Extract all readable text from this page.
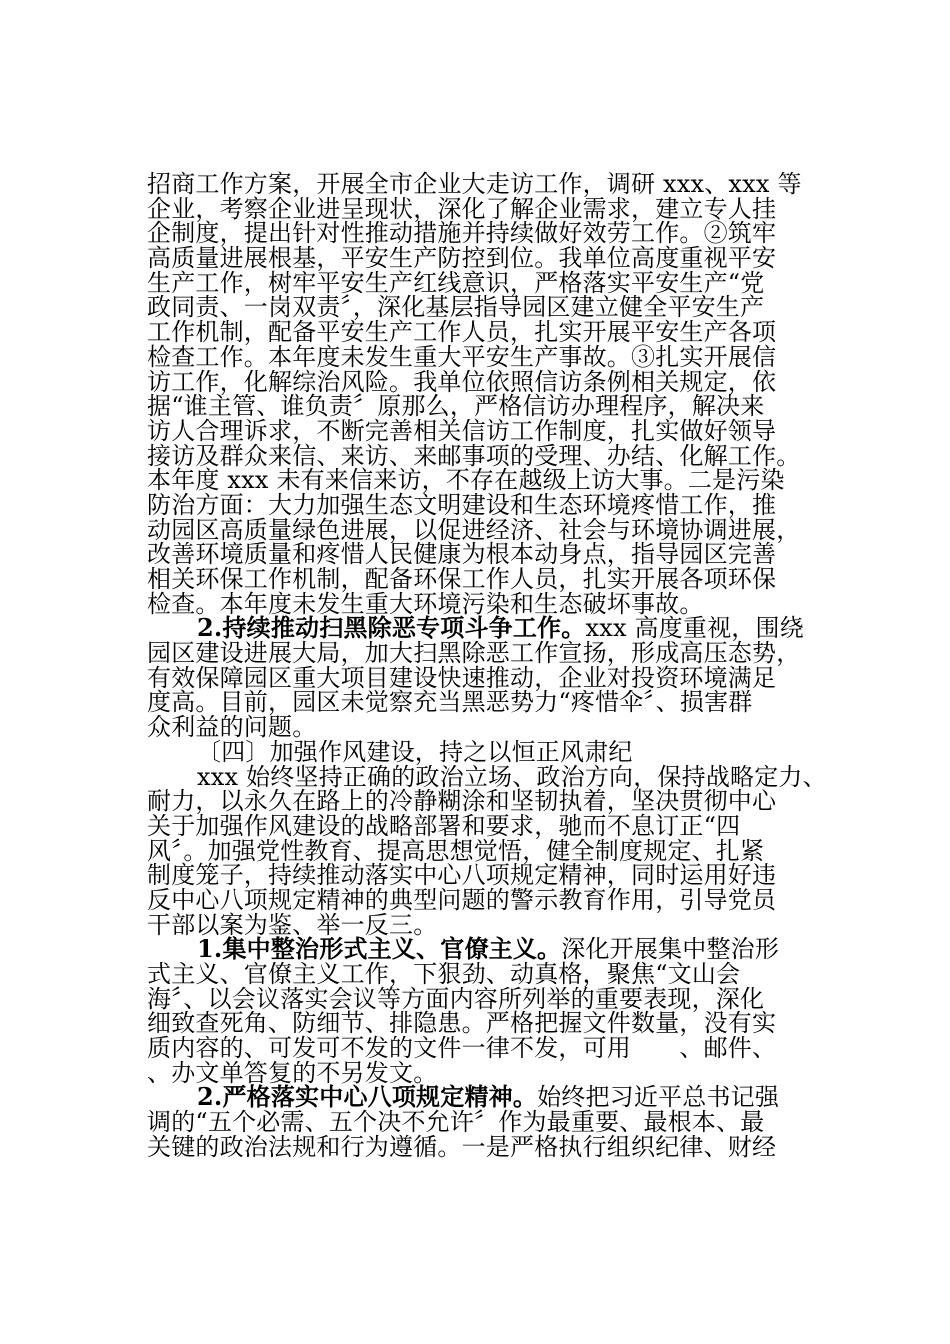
招商工作方案，开展全市企业大走访工作，调研 xxx、xxx 等
企业，考察企业进呈现状，深化了解企业需求，建立专人挂
企制度，提出针对性推动措施并持续做好效劳工作。②筑牢
高质量进展根基，平安生产防控到位。我单位高度重视平安
生产工作，树牢平安生产红线意识，严格落实平安生产“党
政同责、一岗双责〞，深化基层指导园区建立健全平安生产
工作机制，配备平安生产工作人员，扎实开展平安生产各项
检查工作。本年度未发生重大平安生产事故。③扎实开展信
访工作，化解综治风险。我单位依照信访条例相关规定，依
据“谁主管、谁负责〞原那么，严格信访办理程序，解决来
访人合理诉求，不断完善相关信访工作制度，扎实做好领导
接访及群众来信、来访、来邮事项的受理、办结、化解工作。
本年度 xxx 未有来信来访，不存在越级上访大事。二是污染
防治方面：大力加强生态文明建设和生态环境疼惜工作，推
动园区高质量绿色进展，以促进经济、社会与环境协调进展，
改善环境质量和疼惜人民健康为根本动身点，指导园区完善
相关环保工作机制，配备环保工作人员，扎实开展各项环保
检查。本年度未发生重大环境污染和生态破坏事故。
2.持续推动扫黑除恶专项斗争工作。xxx 高度重视，围绕
园区建设进展大局，加大扫黑除恶工作宣扬，形成高压态势，
有效保障园区重大项目建设快速推动，企业对投资环境满足
度高。目前，园区未觉察充当黑恶势力“疼惜伞〞、损害群
众利益的问题。
〔四〕加强作风建设，持之以恒正风肃纪
xxx 始终坚持正确的政治立场、政治方向，保持战略定力、
耐力，以永久在路上的冷静糊涂和坚韧执着，坚决贯彻中心
关于加强作风建设的战略部署和要求，驰而不息订正“四
风〞。加强党性教育、提高思想觉悟，健全制度规定、扎紧
制度笼子，持续推动落实中心八项规定精神，同时运用好违
反中心八项规定精神的典型问题的警示教育作用，引导党员
干部以案为鉴、举一反三。
1.集中整治形式主义、官僚主义。深化开展集中整治形
式主义、官僚主义工作，下狠劲、动真格，聚焦“文山会
海〞、以会议落实会议等方面内容所列举的重要表现，深化
细致查死角、防细节、排隐患。严格把握文件数量，没有实
质内容的、可发可不发的文件一律不发，可用　　、邮件、
、办文单答复的不另发文。
2.严格落实中心八项规定精神。始终把习近平总书记强
调的“五个必需、五个决不允许〞作为最重要、最根本、最
关键的政治法规和行为遵循。一是严格执行组织纪律、财经
